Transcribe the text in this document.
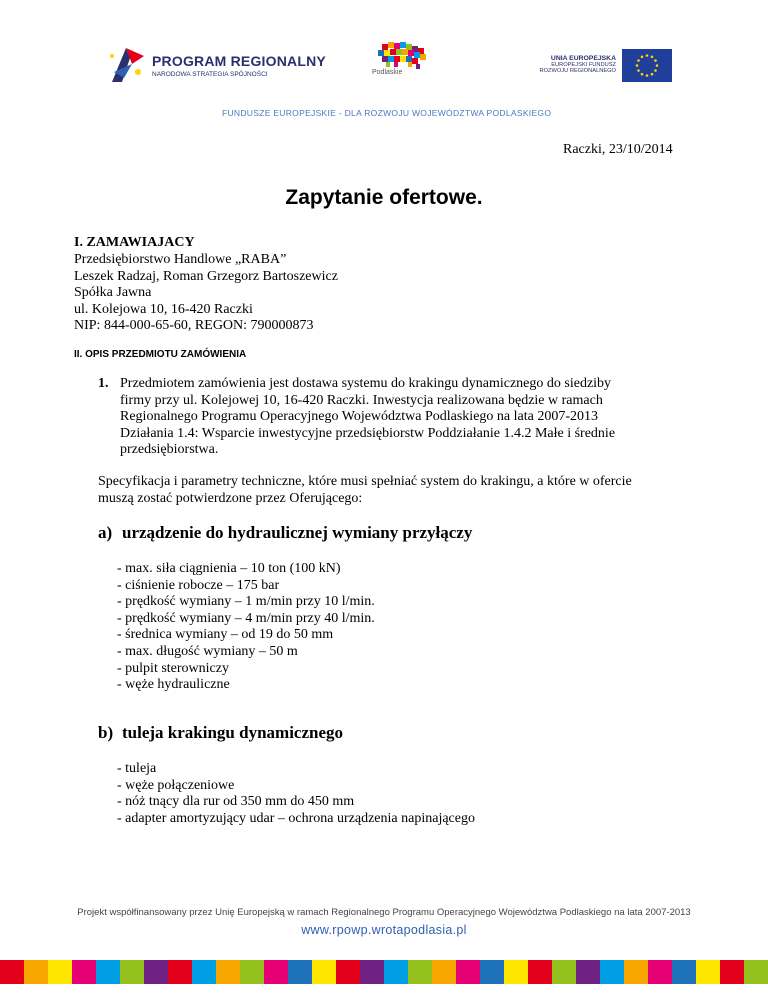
PROGRAM REGIONALNY
NARODOWA STRATEGIA SPÓJNOŚCI	Podlaskie
UNIA EUROPEJSKA
EUROPEJSKI FUNDUSZ
ROZWOJU REGIONALNEGO
FUNDUSZE EUROPEJSKIE - DLA ROZWOJU WOJEWÓDZTWA PODLASKIEGO
Raczki, 23/10/2014
Zapytanie ofertowe.
I. ZAMAWIAJACY
Przedsiębiorstwo Handlowe „RABA”
Leszek Radzaj, Roman Grzegorz Bartoszewicz
Spółka Jawna
ul. Kolejowa 10, 16-420 Raczki
NIP: 844-000-65-60, REGON: 790000873
II. OPIS PRZEDMIOTU ZAMÓWIENIA
1. Przedmiotem zamówienia jest dostawa systemu do krakingu dynamicznego do siedziby
firmy przy ul. Kolejowej 10, 16-420 Raczki. Inwestycja realizowana będzie w ramach
Regionalnego Programu Operacyjnego Województwa Podlaskiego na lata 2007-2013
Działania 1.4: Wsparcie inwestycyjne przedsiębiorstw Poddziałanie 1.4.2 Małe i średnie
przedsiębiorstwa.
Specyfikacja i parametry techniczne, które musi spełniać system do krakingu, a które w ofercie
muszą zostać potwierdzone przez Oferującego:
a) urządzenie do hydraulicznej wymiany przyłączy
- max. siła ciągnienia – 10 ton (100 kN)
- ciśnienie robocze – 175 bar
- prędkość wymiany – 1 m/min przy 10 l/min.
- prędkość wymiany – 4 m/min przy 40 l/min.
- średnica wymiany – od 19 do 50 mm
- max. długość wymiany – 50 m
- pulpit sterowniczy
- węże hydrauliczne
b) tuleja krakingu dynamicznego
- tuleja
- węże połączeniowe
- nóż tnący dla rur od 350 mm do 450 mm
- adapter amortyzujący udar – ochrona urządzenia napinającego
Projekt współfinansowany przez Unię Europejską w ramach Regionalnego Programu Operacyjnego Województwa Podlaskiego na lata 2007-2013
www.rpowp.wrotapodlasia.pl
